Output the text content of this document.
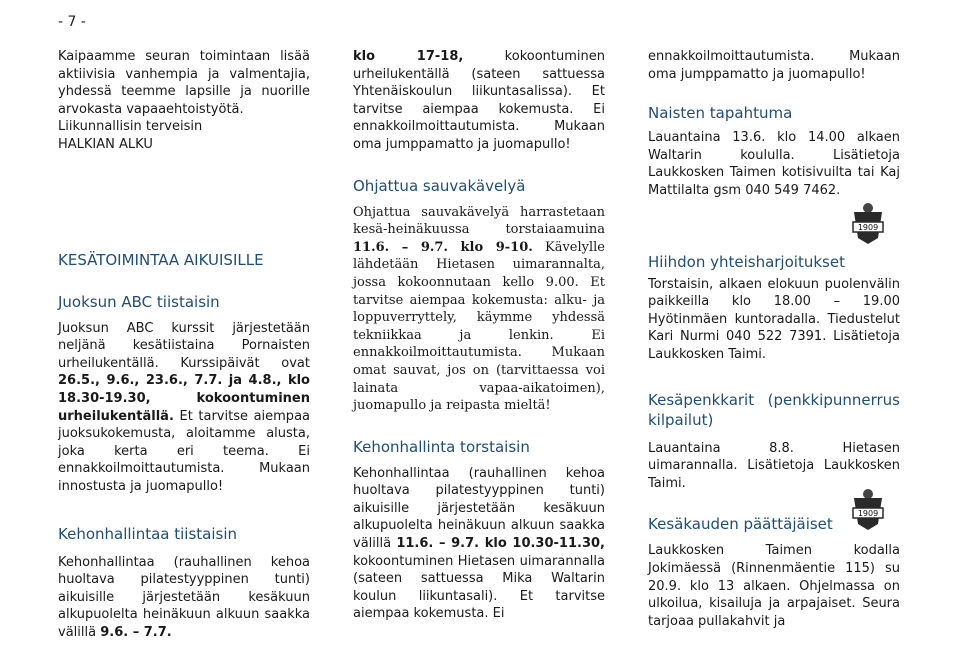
- 7 -

Kaipaamme seuran toimintaan lisää aktiivisia vanhempia ja valmentajia, yhdessä teemme lapsille ja nuorille arvokasta vapaaehtoistyötä.

Liikunnallisin terveisin

HALKIAN ALKU

KESÄTOIMINTAA AIKUISILLE
Juoksun ABC tiistaisin

Juoksun ABC kurssit järjestetään neljänä kesätiistaina Pornaisten urheilukentällä. Kurssipäivät ovat 26.5., 9.6., 23.6., 7.7. ja 4.8., klo 18.30-19.30, kokoontuminen urheilukentällä. Et tarvitse aiempaa juoksukokemusta, aloitamme alusta, joka kerta eri teema. Ei ennakkoilmoittautumista. Mukaan innostusta ja juomapullo!

Kehonhallintaa tiistaisin

Kehonhallintaa (rauhallinen kehoa huoltava pilatestyyppinen tunti) aikuisille järjestetään kesäkuun alkupuolelta heinäkuun alkuun saakka välillä 9.6. – 7.7.

klo 17-18, kokoontuminen urheilukentällä (sateen sattuessa Yhtenäiskoulun liikuntasalissa). Et tarvitse aiempaa kokemusta. Ei ennakkoilmoittautumista. Mukaan oma jumppamatto ja juomapullo!

Ohjattua sauvakävelyä

Ohjattua sauvakävelyä harrastetaan kesä-heinäkuussa torstaiaamuina 11.6. – 9.7. klo 9-10. Kävelylle lähdetään Hietasen uimarannalta, jossa kokoonnutaan kello 9.00. Et tarvitse aiempaa kokemusta: alku- ja loppuverryttely, käymme yhdessä tekniikkaa ja lenkin. Ei ennakkoilmoittautumista. Mukaan omat sauvat, jos on (tarvittaessa voi lainata vapaa-aikatoimen), juomapullo ja reipasta mieltä!

Kehonhallinta torstaisin

Kehonhallintaa (rauhallinen kehoa huoltava pilatestyyppinen tunti) aikuisille järjestetään kesäkuun alkupuolelta heinäkuun alkuun saakka välillä 11.6. – 9.7. klo 10.30-11.30, kokoontuminen Hietasen uimarannalla (sateen sattuessa Mika Waltarin koulun liikuntasali). Et tarvitse aiempaa kokemusta. Ei

ennakkoilmoittautumista. Mukaan oma jumppamatto ja juomapullo!

Naisten tapahtuma

Lauantaina 13.6. klo 14.00 alkaen Waltarin koululla. Lisätietoja Laukkosken Taimen kotisivuilta tai Kaj Mattilalta gsm 040 549 7462.

1909
Hiihdon yhteisharjoitukset

Torstaisin, alkaen elokuun puolenvälin paikkeilla klo 18.00 – 19.00 Hyötinmäen kuntoradalla. Tiedustelut Kari Nurmi 040 522 7391. Lisätietoja Laukkosken Taimi.

Kesäpenkkarit (penkkipunnerrus kilpailut)

Lauantaina 8.8. Hietasen uimarannalla. Lisätietoja Laukkosken Taimi.

1909
Kesäkauden päättäjäiset

Laukkosken Taimen kodalla Jokimäessä (Rinnenmäentie 115) su 20.9. klo 13 alkaen. Ohjelmassa on ulkoilua, kisailuja ja arpajaiset. Seura tarjoaa pullakahvit ja
